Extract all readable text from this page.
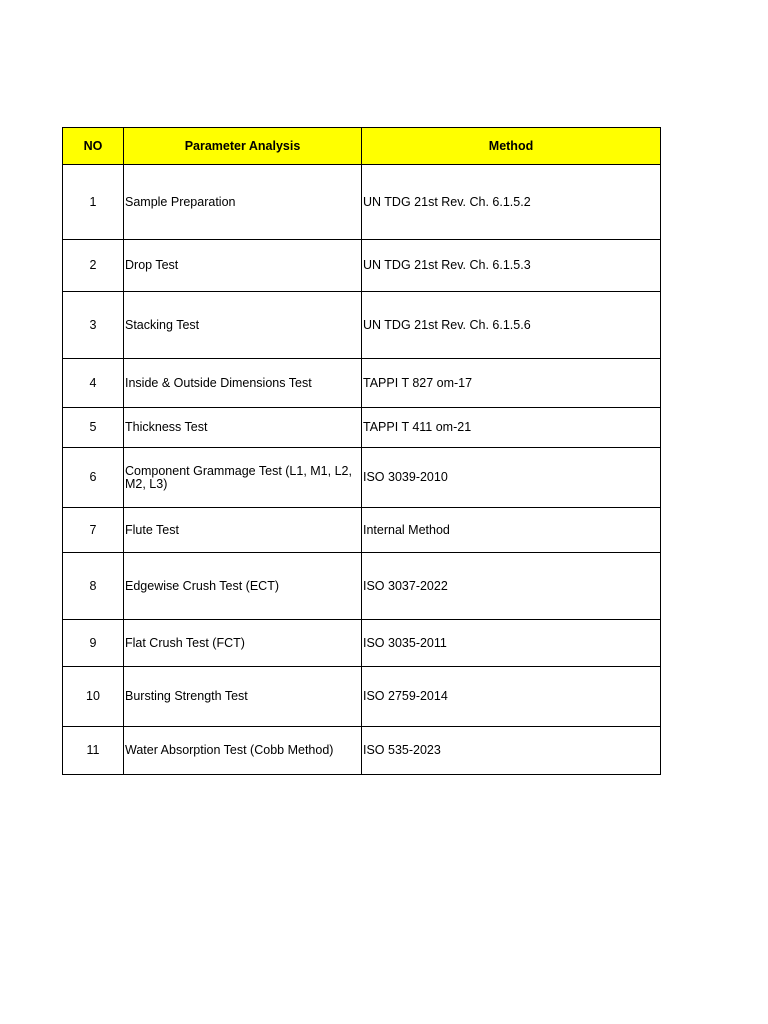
NO	Parameter Analysis	Method
1	Sample Preparation	UN TDG 21st Rev. Ch. 6.1.5.2
2	Drop Test	UN TDG 21st Rev. Ch. 6.1.5.3
3	Stacking Test	UN TDG 21st Rev. Ch. 6.1.5.6
4	Inside & Outside Dimensions Test	TAPPI T 827 om-17
5	Thickness Test	TAPPI T 411 om-21
6	Component Grammage Test (L1, M1, L2, M2, L3)	ISO 3039-2010
7	Flute Test	Internal Method
8	Edgewise Crush Test (ECT)	ISO 3037-2022
9	Flat Crush Test (FCT)	ISO 3035-2011
10	Bursting Strength Test	ISO 2759-2014
11	Water Absorption Test (Cobb Method)	ISO 535-2023
